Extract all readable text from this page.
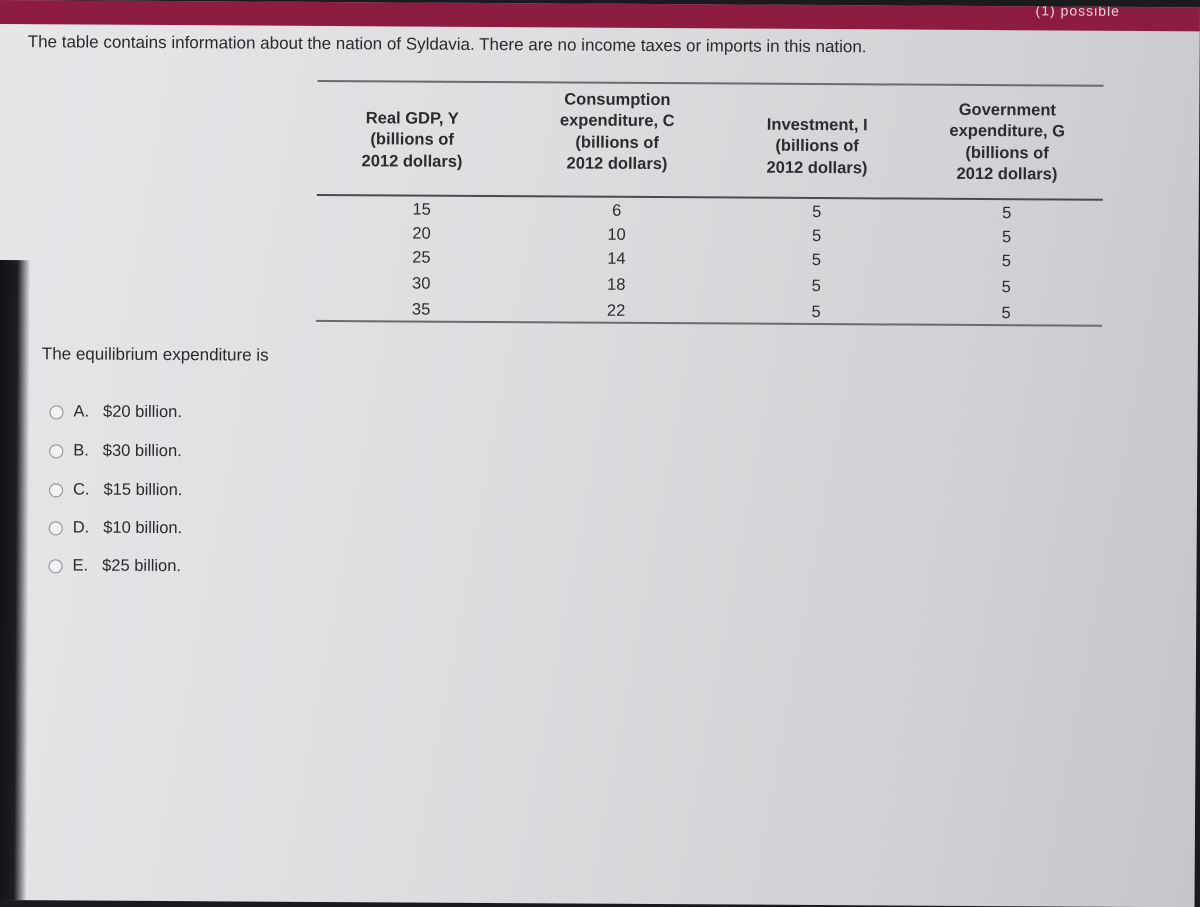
(1) possible
The table contains information about the nation of Syldavia. There are no income taxes or imports in this nation.
Real GDP, Y
(billions of
2012 dollars)
Consumption
expenditure, C
(billions of
2012 dollars)
Investment, I
(billions of
2012 dollars)
Government
expenditure, G
(billions of
2012 dollars)
15	6	5	5
20	10	5	5
25	14	5	5
30	18	5	5
35	22	5	5
The equilibrium expenditure is
A. $20 billion.
B. $30 billion.
C. $15 billion.
D. $10 billion.
E. $25 billion.
